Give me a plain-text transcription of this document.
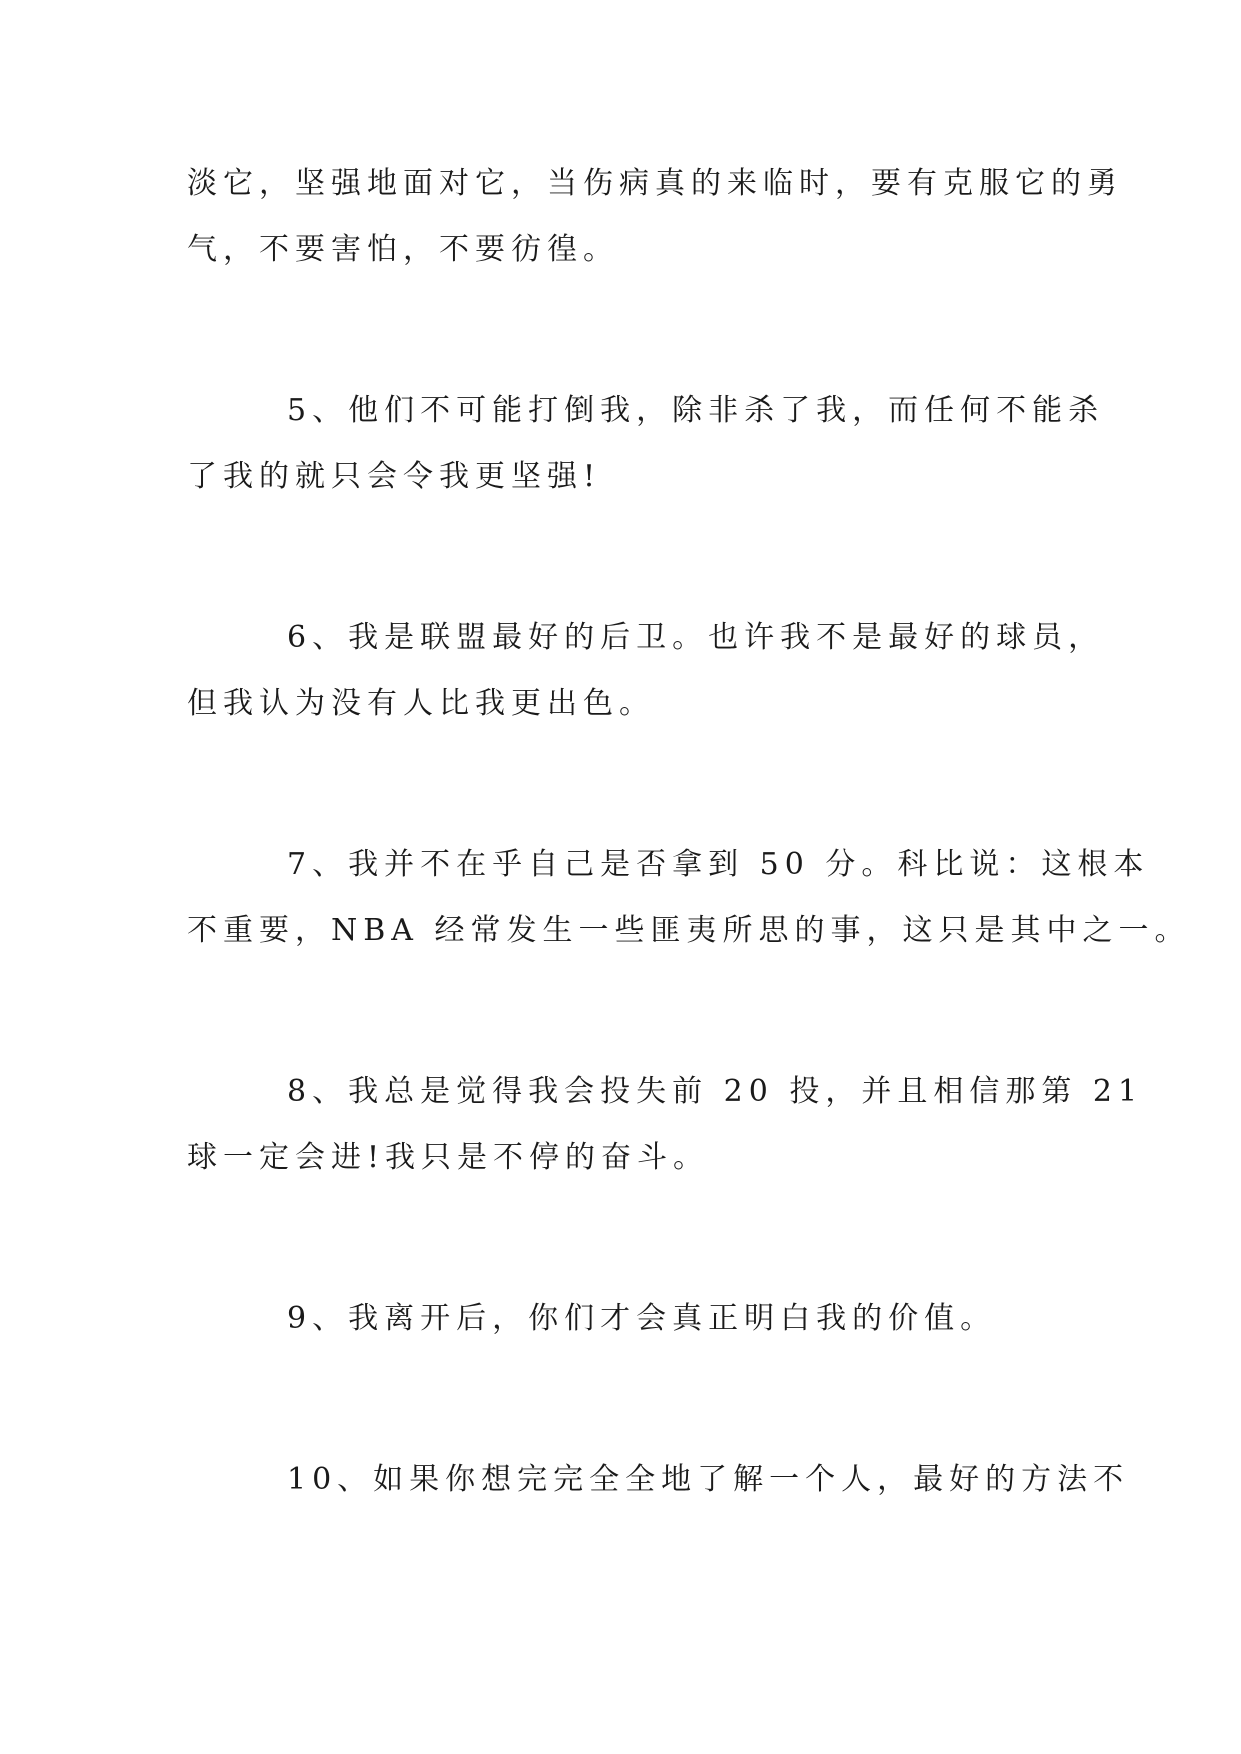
淡它，坚强地面对它，当伤病真的来临时，要有克服它的勇
气，不要害怕，不要彷徨。
5、他们不可能打倒我，除非杀了我，而任何不能杀
了我的就只会令我更坚强!
6、我是联盟最好的后卫。也许我不是最好的球员，
但我认为没有人比我更出色。
7、我并不在乎自己是否拿到 50 分。科比说：这根本
不重要，NBA 经常发生一些匪夷所思的事，这只是其中之一。
8、我总是觉得我会投失前 20 投，并且相信那第 21
球一定会进!我只是不停的奋斗。
9、我离开后，你们才会真正明白我的价值。
10、如果你想完完全全地了解一个人，最好的方法不
